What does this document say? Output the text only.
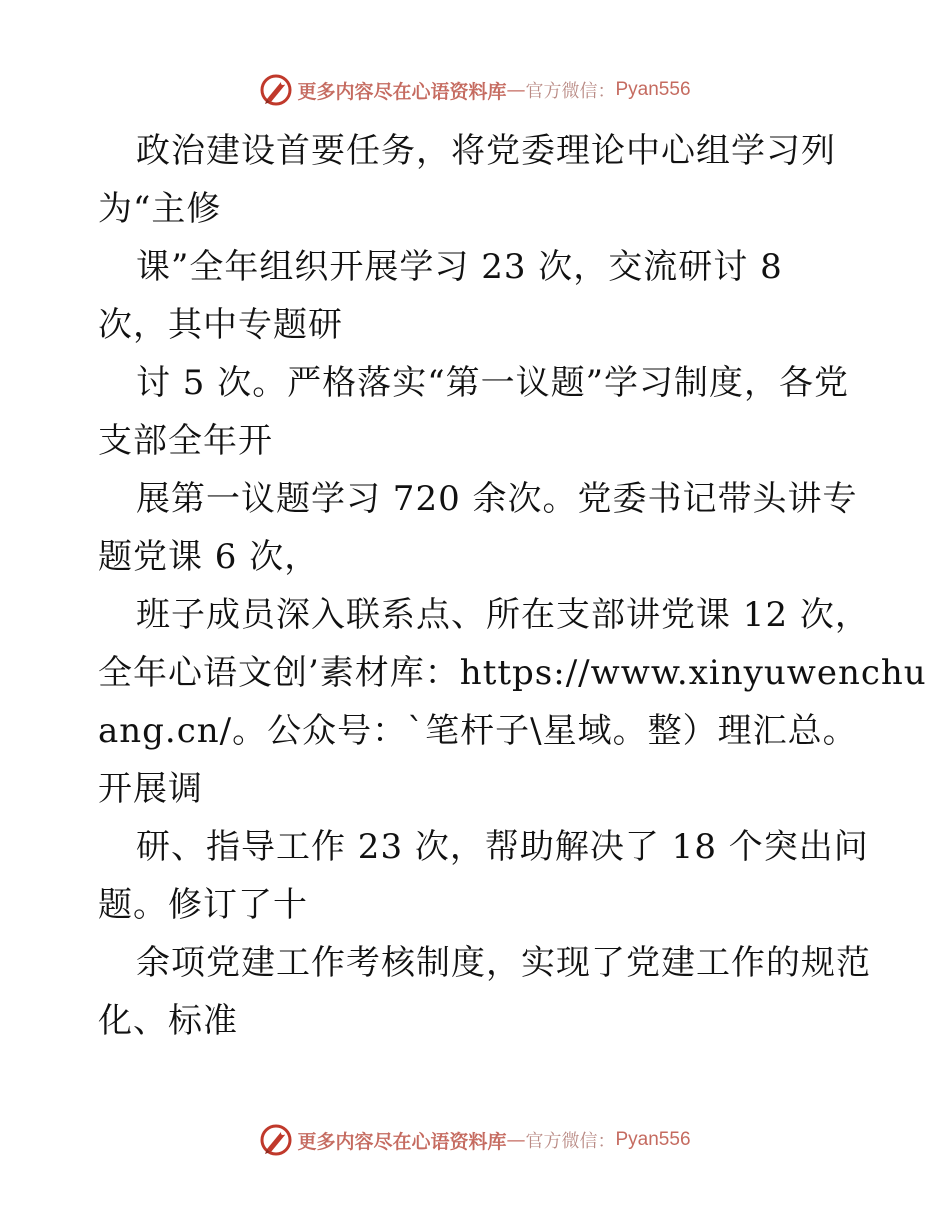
更多内容尽在心语资料库 — 官方微信： Pyan556
政治建设首要任务，将党委理论中心组学习列
为“主修
课”全年组织开展学习 23 次，交流研讨 8
次，其中专题研
讨 5 次。严格落实“第一议题”学习制度，各党
支部全年开
展第一议题学习 720 余次。党委书记带头讲专
题党课 6 次，
班子成员深入联系点、所在支部讲党课 12 次，
全年心语文创’素材库：https://www.xinyuwenchu
ang.cn/。公众号：`笔杆子\星域。整）理汇总。
开展调
研、指导工作 23 次，帮助解决了 18 个突出问
题。修订了十
余项党建工作考核制度，实现了党建工作的规范
化、标准
更多内容尽在心语资料库 — 官方微信： Pyan556
